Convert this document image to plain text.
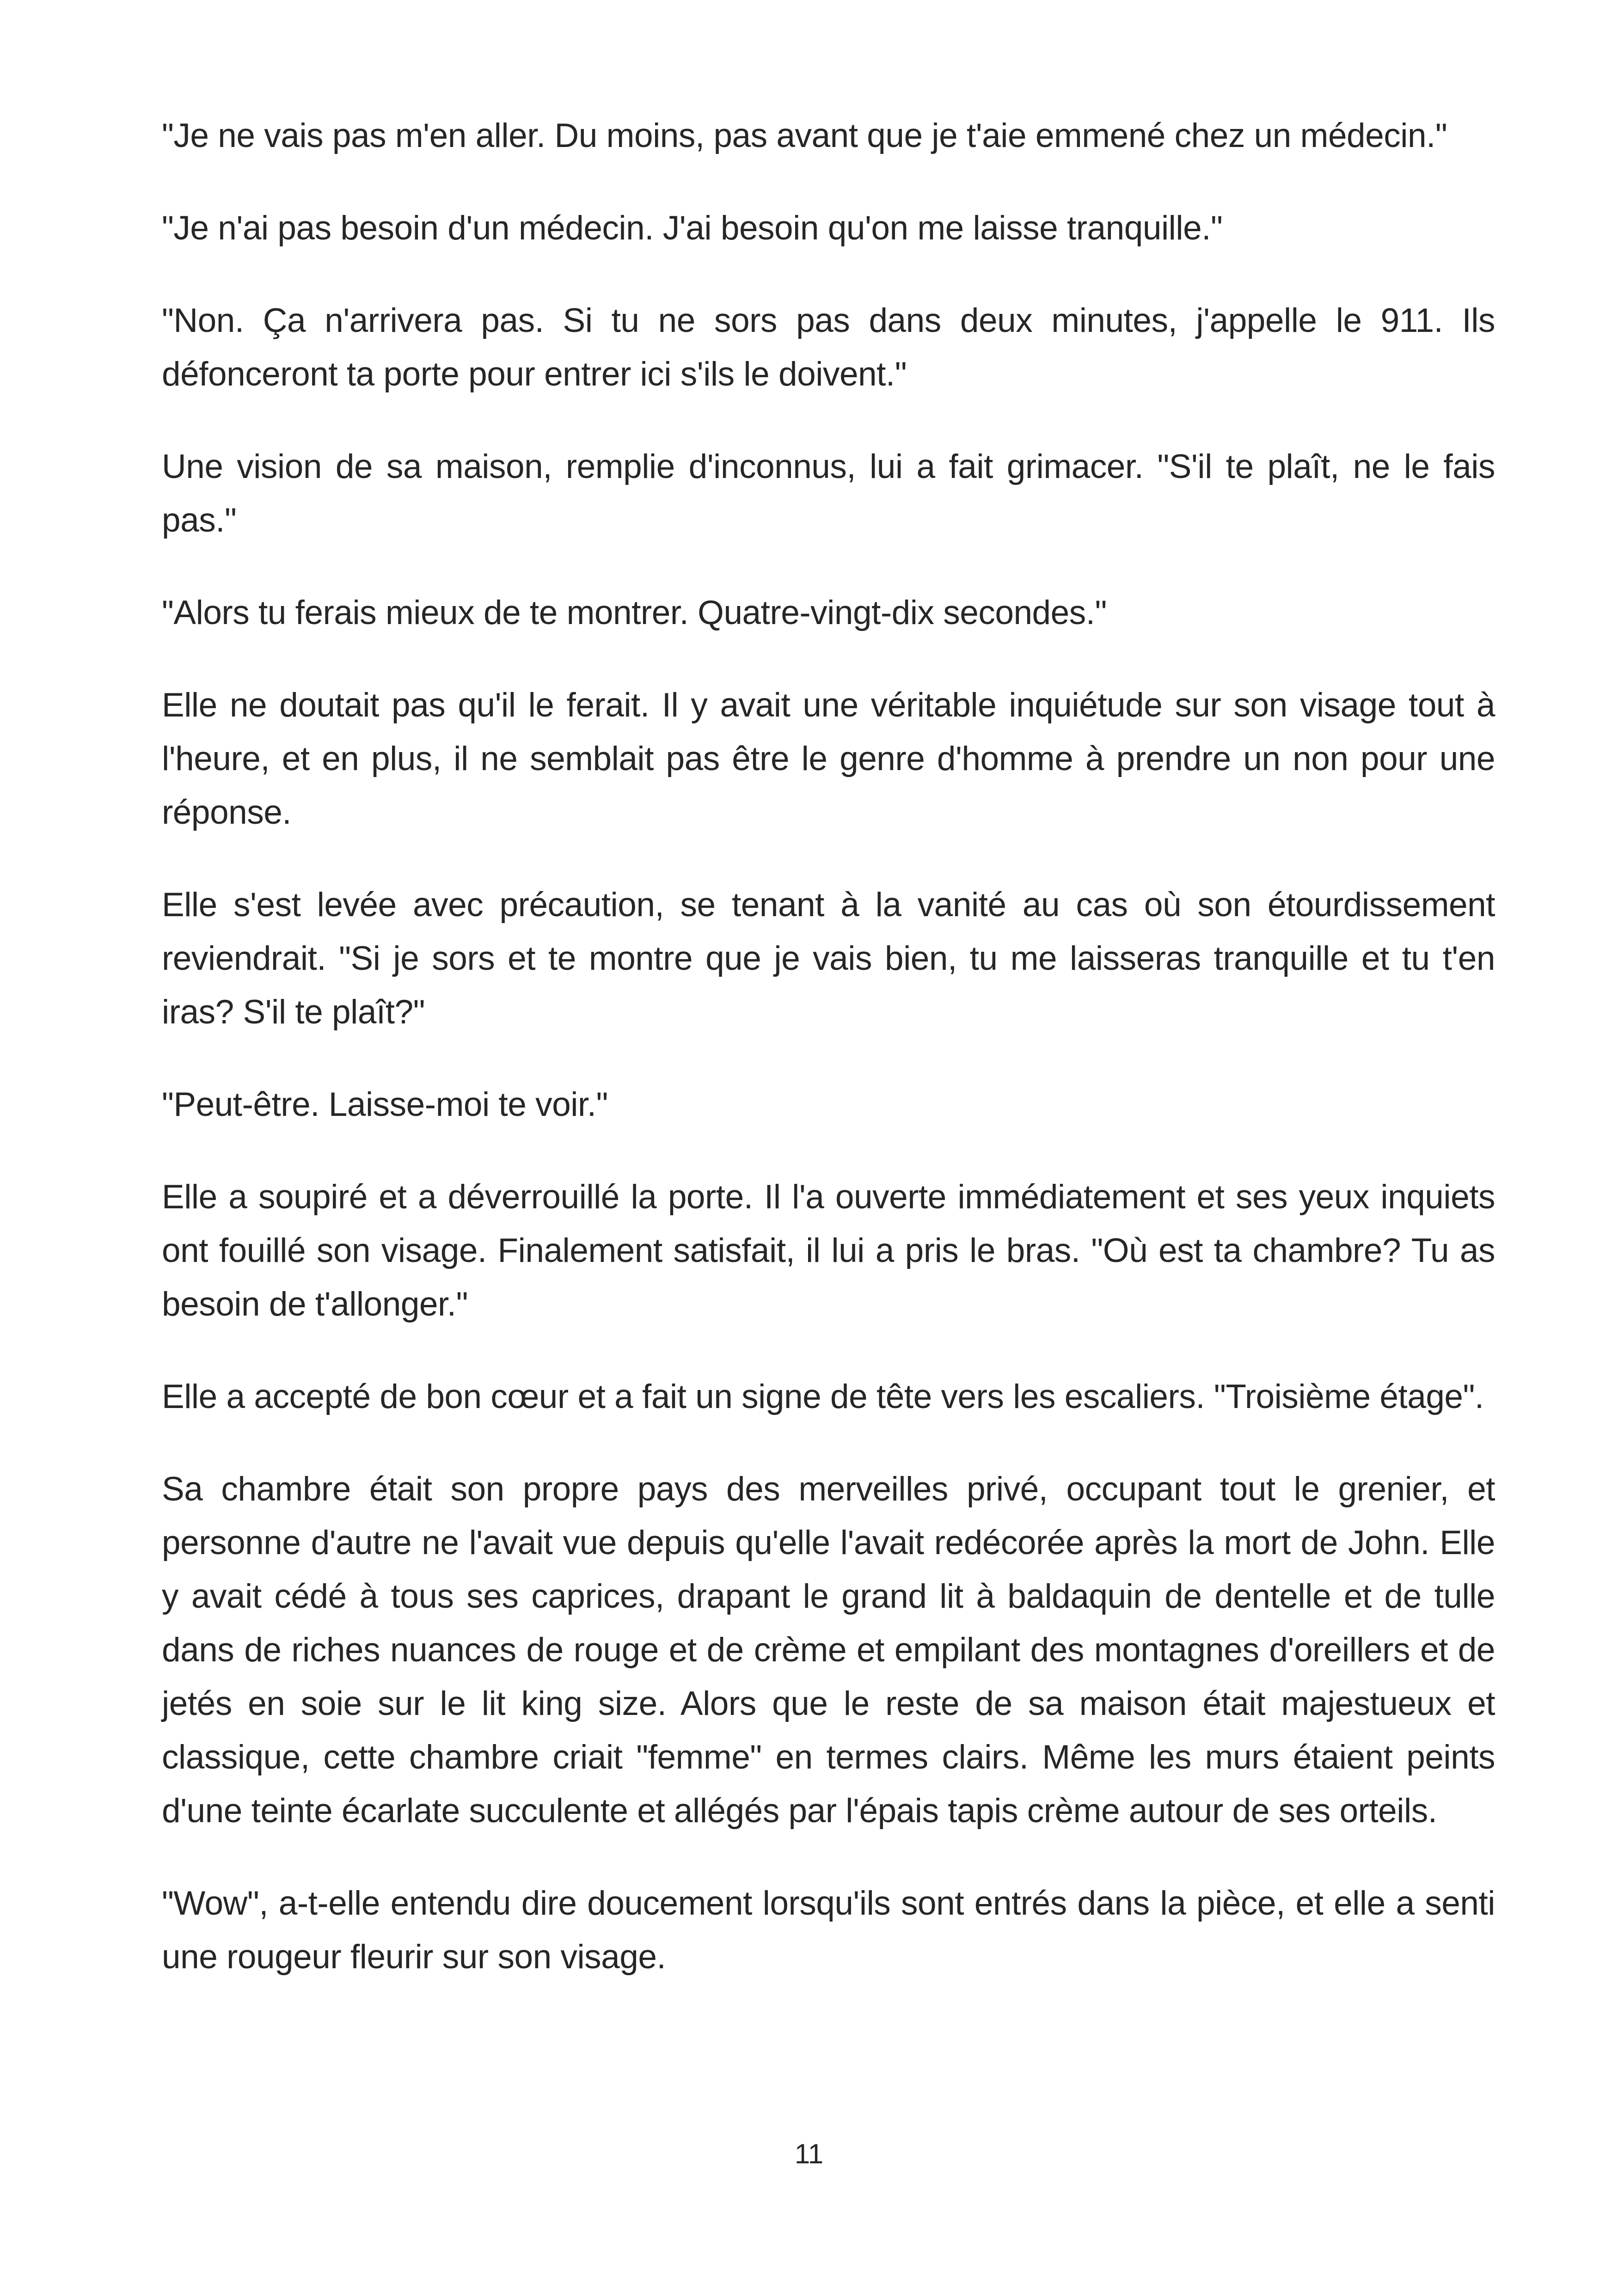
"Je ne vais pas m'en aller. Du moins, pas avant que je t'aie emmené chez un médecin."

"Je n'ai pas besoin d'un médecin. J'ai besoin qu'on me laisse tranquille."

"Non. Ça n'arrivera pas. Si tu ne sors pas dans deux minutes, j'appelle le 911. Ils défonceront ta porte pour entrer ici s'ils le doivent."

Une vision de sa maison, remplie d'inconnus, lui a fait grimacer. "S'il te plaît, ne le fais pas."

"Alors tu ferais mieux de te montrer. Quatre-vingt-dix secondes."

Elle ne doutait pas qu'il le ferait. Il y avait une véritable inquiétude sur son visage tout à l'heure, et en plus, il ne semblait pas être le genre d'homme à prendre un non pour une réponse.

Elle s'est levée avec précaution, se tenant à la vanité au cas où son étourdissement reviendrait. "Si je sors et te montre que je vais bien, tu me laisseras tranquille et tu t'en iras? S'il te plaît?"

"Peut-être. Laisse-moi te voir."

Elle a soupiré et a déverrouillé la porte. Il l'a ouverte immédiatement et ses yeux inquiets ont fouillé son visage. Finalement satisfait, il lui a pris le bras. "Où est ta chambre? Tu as besoin de t'allonger."

Elle a accepté de bon cœur et a fait un signe de tête vers les escaliers. "Troisième étage".

Sa chambre était son propre pays des merveilles privé, occupant tout le grenier, et personne d'autre ne l'avait vue depuis qu'elle l'avait redécorée après la mort de John. Elle y avait cédé à tous ses caprices, drapant le grand lit à baldaquin de dentelle et de tulle dans de riches nuances de rouge et de crème et empilant des montagnes d'oreillers et de jetés en soie sur le lit king size. Alors que le reste de sa maison était majestueux et classique, cette chambre criait "femme" en termes clairs. Même les murs étaient peints d'une teinte écarlate succulente et allégés par l'épais tapis crème autour de ses orteils.

"Wow", a-t-elle entendu dire doucement lorsqu'ils sont entrés dans la pièce, et elle a senti une rougeur fleurir sur son visage.

11
